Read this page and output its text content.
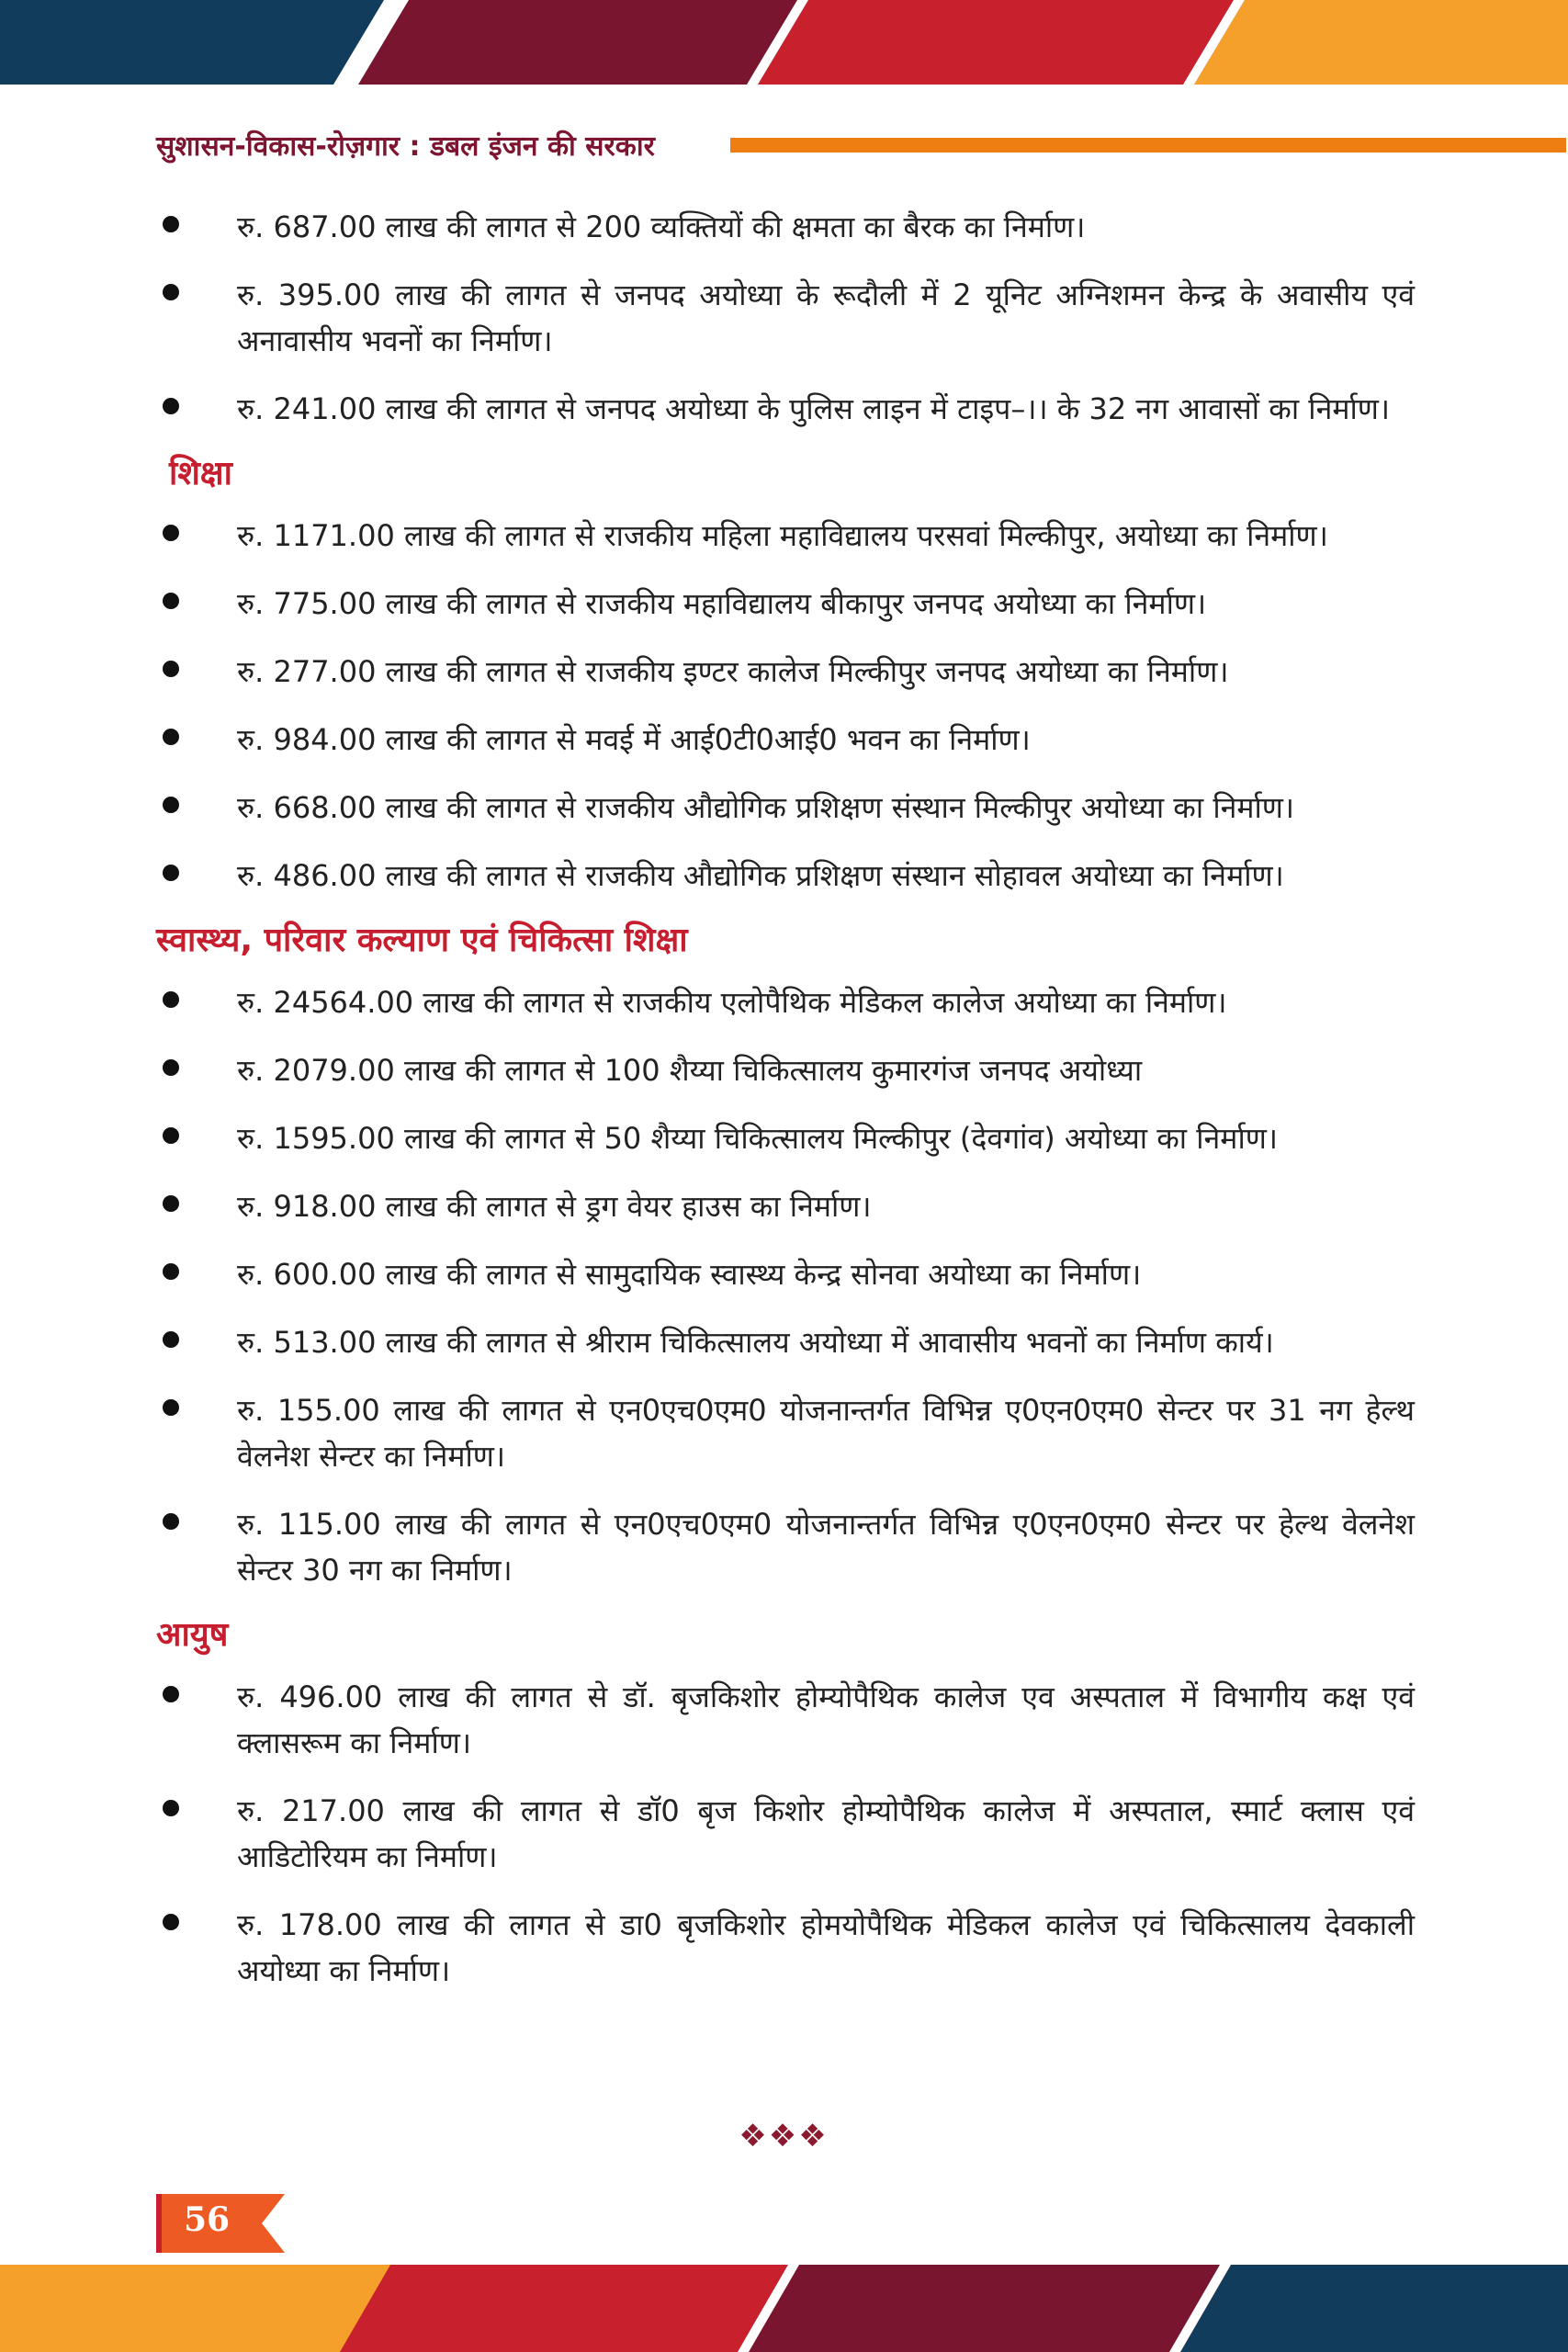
सुशासन-विकास-रोज़गार : डबल इंजन की सरकार
रु. 687.00 लाख की लागत से 200 व्यक्तियों की क्षमता का बैरक का निर्माण।
रु. 395.00 लाख की लागत से जनपद अयोध्या के रूदौली में 2 यूनिट अग्निशमन केन्द्र के अवासीय एवं अनावासीय भवनों का निर्माण।
रु. 241.00 लाख की लागत से जनपद अयोध्या के पुलिस लाइन में टाइप–।। के 32 नग आवासों का निर्माण।
शिक्षा
रु. 1171.00 लाख की लागत से राजकीय महिला महाविद्यालय परसवां मिल्कीपुर, अयोध्या का निर्माण।
रु. 775.00 लाख की लागत से राजकीय महाविद्यालय बीकापुर जनपद अयोध्या का निर्माण।
रु. 277.00 लाख की लागत से राजकीय इण्टर कालेज मिल्कीपुर जनपद अयोध्या का निर्माण।
रु. 984.00 लाख की लागत से मवई में आई0टी0आई0 भवन का निर्माण।
रु. 668.00 लाख की लागत से राजकीय औद्योगिक प्रशिक्षण संस्थान मिल्कीपुर अयोध्या का निर्माण।
रु. 486.00 लाख की लागत से राजकीय औद्योगिक प्रशिक्षण संस्थान सोहावल अयोध्या का निर्माण।
स्वास्थ्य, परिवार कल्याण एवं चिकित्सा शिक्षा
रु. 24564.00 लाख की लागत से राजकीय एलोपैथिक मेडिकल कालेज अयोध्या का निर्माण।
रु. 2079.00 लाख की लागत से 100 शैय्या चिकित्सालय कुमारगंज जनपद अयोध्या
रु. 1595.00 लाख की लागत से 50 शैय्या चिकित्सालय मिल्कीपुर (देवगांव) अयोध्या का निर्माण।
रु. 918.00 लाख की लागत से ड्रग वेयर हाउस का निर्माण।
रु. 600.00 लाख की लागत से सामुदायिक स्वास्थ्य केन्द्र सोनवा अयोध्या का निर्माण।
रु. 513.00 लाख की लागत से श्रीराम चिकित्सालय अयोध्या में आवासीय भवनों का निर्माण कार्य।
रु. 155.00 लाख की लागत से एन0एच0एम0 योजनान्तर्गत विभिन्न ए0एन0एम0 सेन्टर पर 31 नग हेल्थ वेलनेश सेन्टर का निर्माण।
रु. 115.00 लाख की लागत से एन0एच0एम0 योजनान्तर्गत विभिन्न ए0एन0एम0 सेन्टर पर हेल्थ वेलनेश सेन्टर 30 नग का निर्माण।
आयुष
रु. 496.00 लाख की लागत से डॉ. बृजकिशोर होम्योपैथिक कालेज एव अस्पताल में विभागीय कक्ष एवं क्लासरूम का निर्माण।
रु. 217.00 लाख की लागत से डॉ0 बृज किशोर होम्योपैथिक कालेज में अस्पताल, स्मार्ट क्लास एवं आडिटोरियम का निर्माण।
रु. 178.00 लाख की लागत से डा0 बृजकिशोर होमयोपैथिक मेडिकल कालेज एवं चिकित्सालय देवकाली अयोध्या का निर्माण।
❖❖❖
56
